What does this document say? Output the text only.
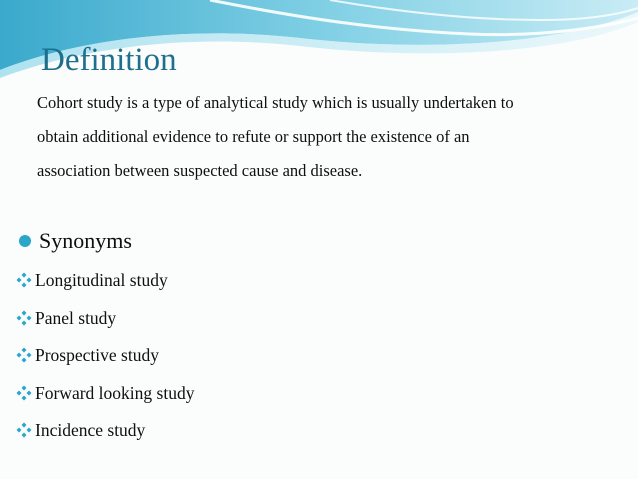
Definition

Cohort study is a type of analytical study which is usually undertaken to
obtain additional evidence to refute or support the existence of an
association between suspected cause and disease.

Synonyms
Longitudinal study
Panel study
Prospective study
Forward looking study
Incidence study
